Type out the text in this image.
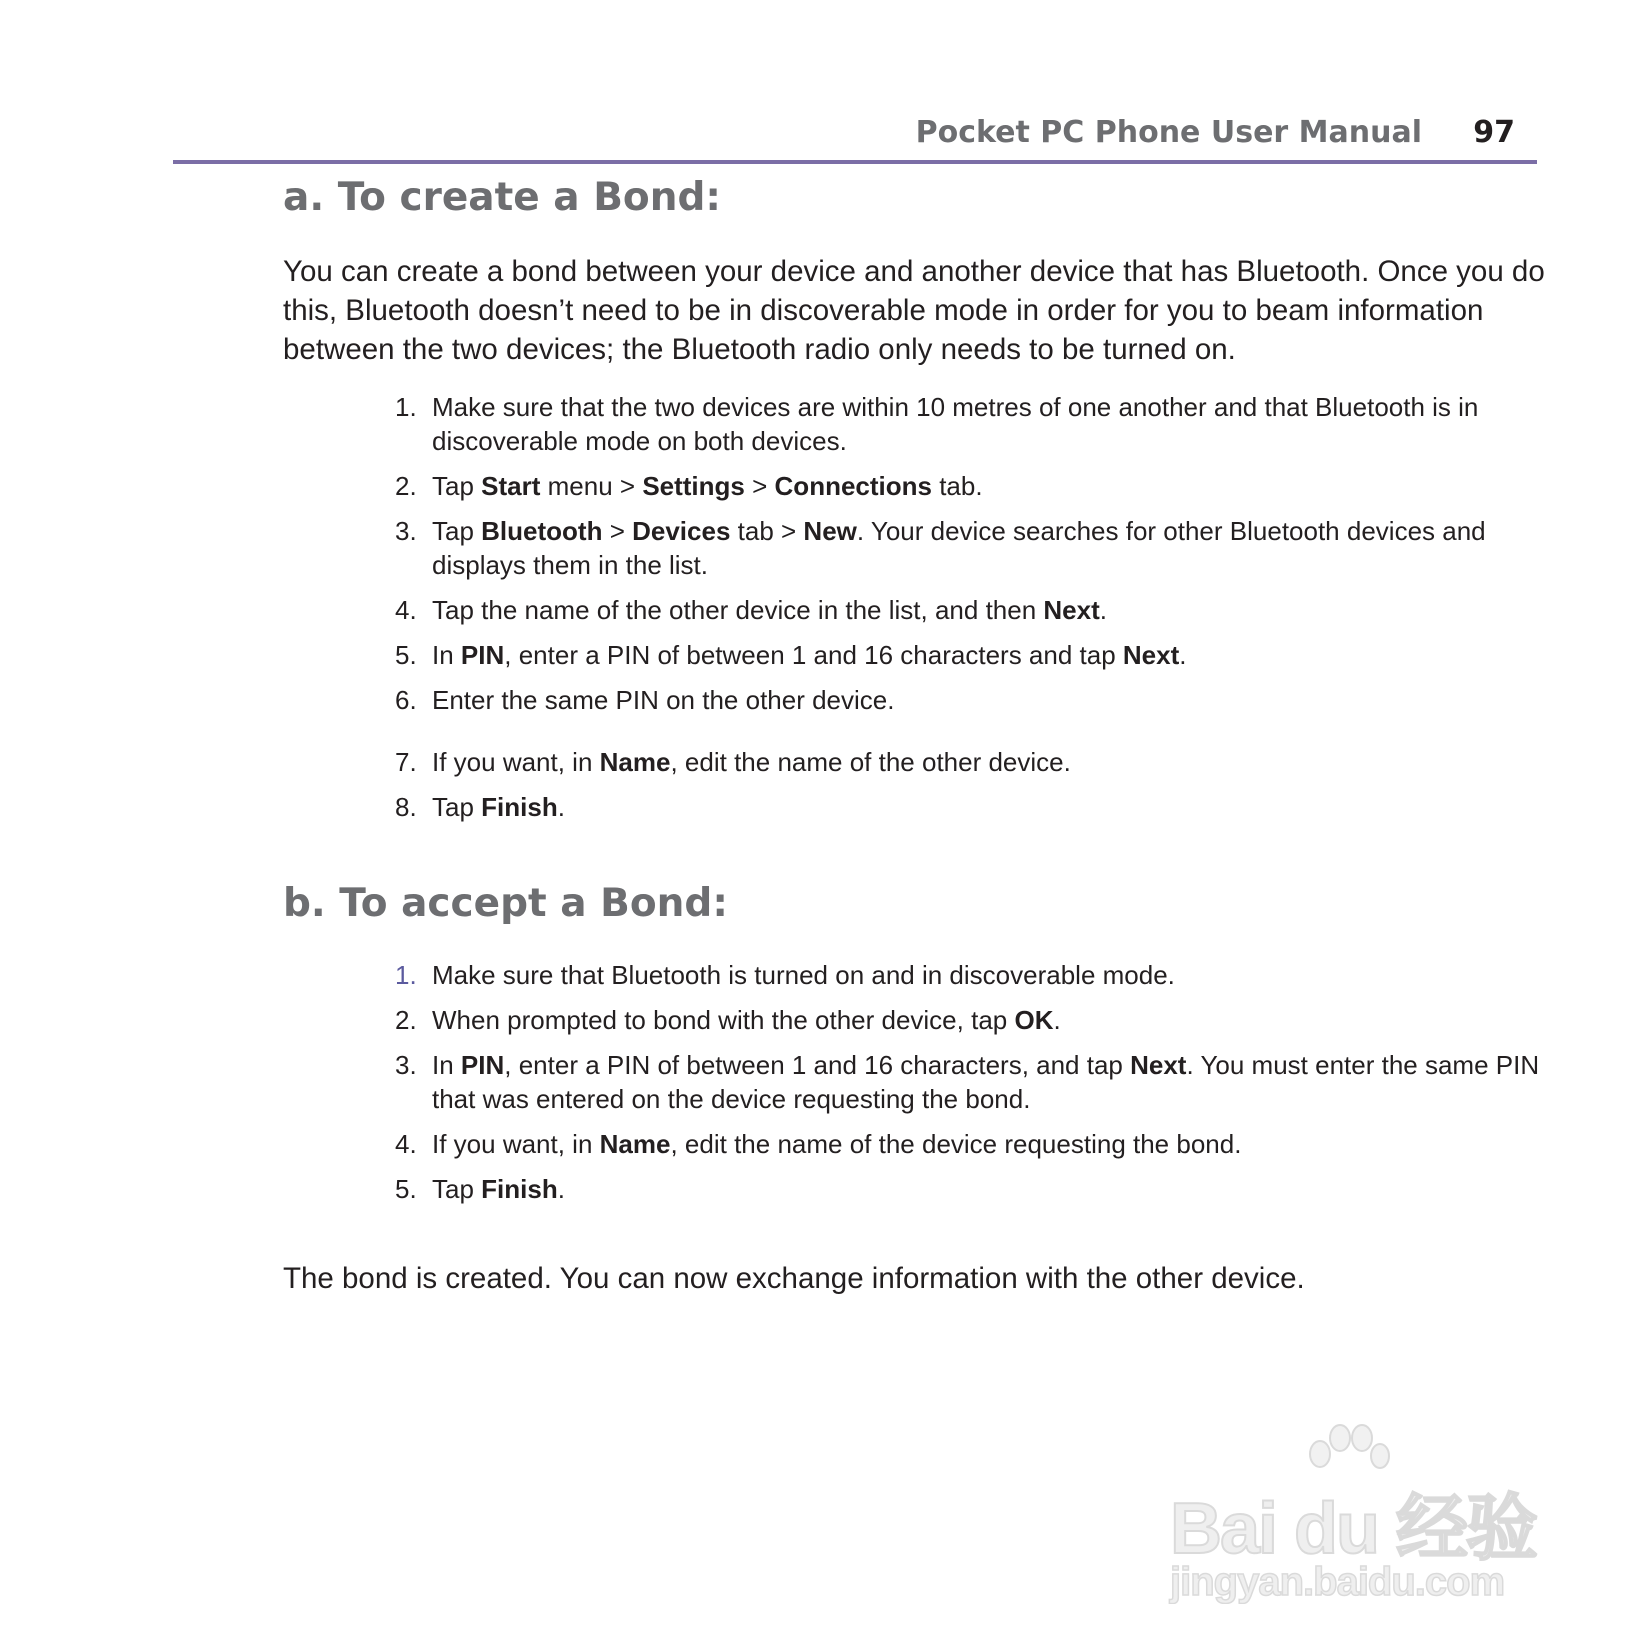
Pocket PC Phone User Manual 97
a. To create a Bond:

You can create a bond between your device and another device that has Bluetooth. Once you do this, Bluetooth doesn’t need to be in discoverable mode in order for you to beam information between the two devices; the Bluetooth radio only needs to be turned on.

1. Make sure that the two devices are within 10 metres of one another and that Bluetooth is in discoverable mode on both devices.
2. Tap Start menu > Settings > Connections tab.
3. Tap Bluetooth > Devices tab > New. Your device searches for other Bluetooth devices and displays them in the list.
4. Tap the name of the other device in the list, and then Next.
5. In PIN, enter a PIN of between 1 and 16 characters and tap Next.
6. Enter the same PIN on the other device.
7. If you want, in Name, edit the name of the other device.
8. Tap Finish.
b. To accept a Bond:
1. Make sure that Bluetooth is turned on and in discoverable mode.
2. When prompted to bond with the other device, tap OK.
3. In PIN, enter a PIN of between 1 and 16 characters, and tap Next. You must enter the same PIN that was entered on the device requesting the bond.
4. If you want, in Name, edit the name of the device requesting the bond.
5. Tap Finish.

The bond is created. You can now exchange information with the other device.

Bai du 经验
jingyan.baidu.com
